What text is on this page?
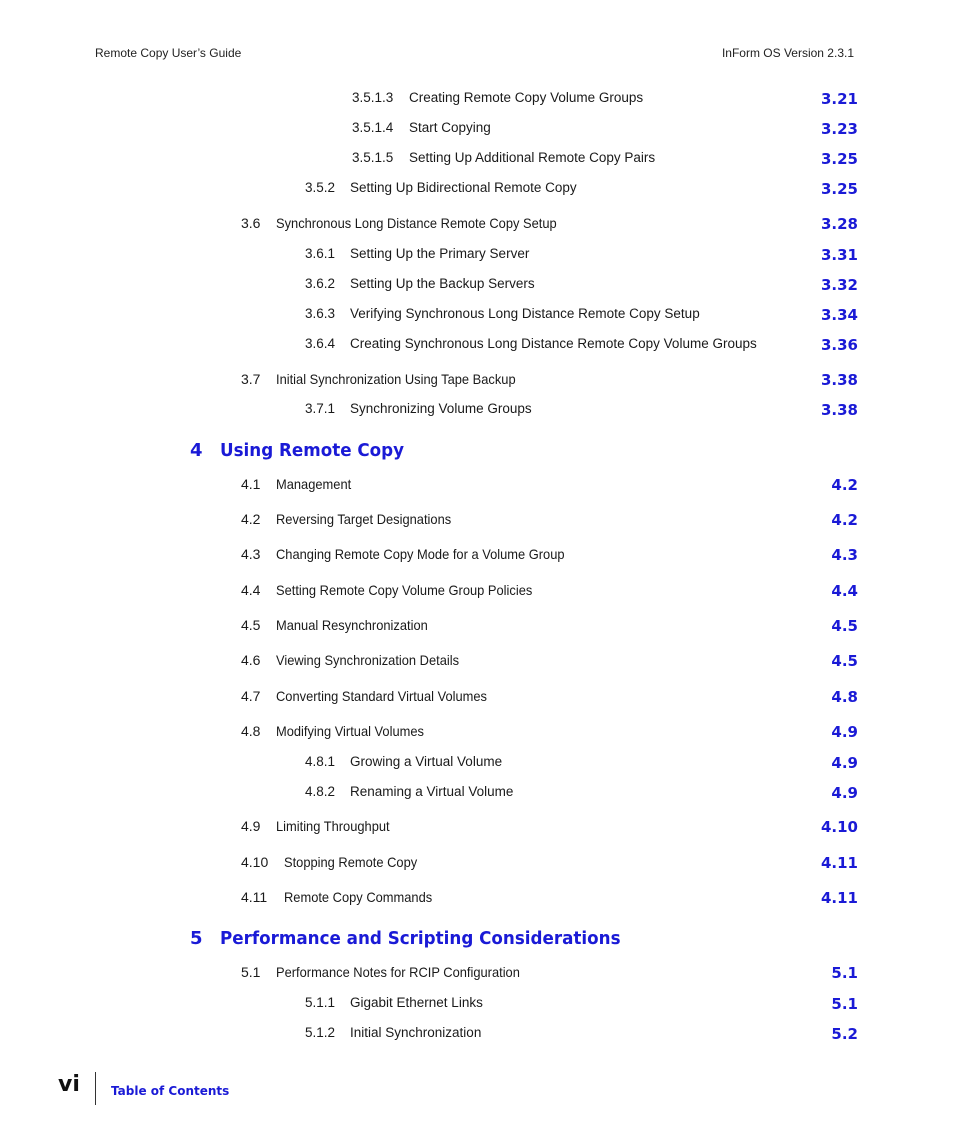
Remote Copy User’s Guide	InForm OS Version 2.3.1
3.5.1.3 Creating Remote Copy Volume Groups	3.21
3.5.1.4 Start Copying	3.23
3.5.1.5 Setting Up Additional Remote Copy Pairs	3.25
3.5.2 Setting Up Bidirectional Remote Copy	3.25
3.6 Synchronous Long Distance Remote Copy Setup	3.28
3.6.1 Setting Up the Primary Server	3.31
3.6.2 Setting Up the Backup Servers	3.32
3.6.3 Verifying Synchronous Long Distance Remote Copy Setup	3.34
3.6.4 Creating Synchronous Long Distance Remote Copy Volume Groups	3.36
3.7 Initial Synchronization Using Tape Backup	3.38
3.7.1 Synchronizing Volume Groups	3.38
4 Using Remote Copy
4.1 Management	4.2
4.2 Reversing Target Designations	4.2
4.3 Changing Remote Copy Mode for a Volume Group	4.3
4.4 Setting Remote Copy Volume Group Policies	4.4
4.5 Manual Resynchronization	4.5
4.6 Viewing Synchronization Details	4.5
4.7 Converting Standard Virtual Volumes	4.8
4.8 Modifying Virtual Volumes	4.9
4.8.1 Growing a Virtual Volume	4.9
4.8.2 Renaming a Virtual Volume	4.9
4.9 Limiting Throughput	4.10
4.10 Stopping Remote Copy	4.11
4.11 Remote Copy Commands	4.11
5 Performance and Scripting Considerations
5.1 Performance Notes for RCIP Configuration	5.1
5.1.1 Gigabit Ethernet Links	5.1
5.1.2 Initial Synchronization	5.2
vi	Table of Contents
